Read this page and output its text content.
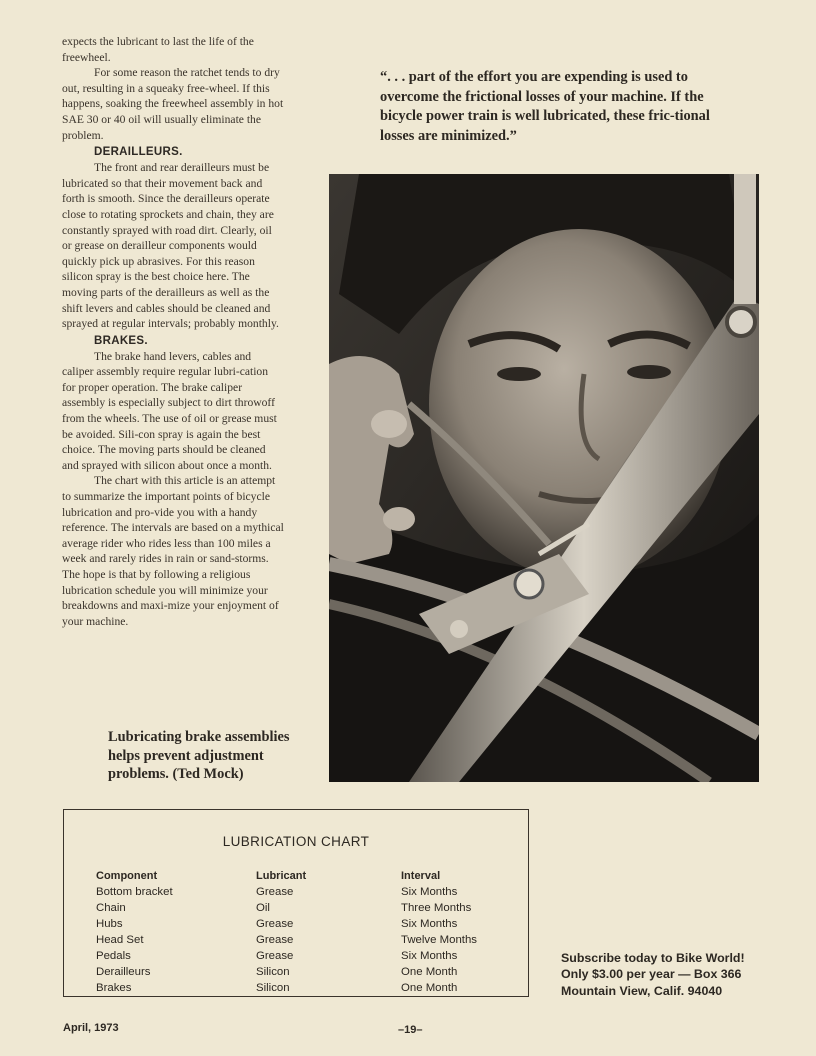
expects the lubricant to last the life of the freewheel.

For some reason the ratchet tends to dry out, resulting in a squeaky free-wheel. If this happens, soaking the freewheel assembly in hot SAE 30 or 40 oil will usually eliminate the problem.

DERAILLEURS.

The front and rear derailleurs must be lubricated so that their movement back and forth is smooth. Since the derailleurs operate close to rotating sprockets and chain, they are constantly sprayed with road dirt. Clearly, oil or grease on derailleur components would quickly pick up abrasives. For this reason silicon spray is the best choice here. The moving parts of the derailleurs as well as the shift levers and cables should be cleaned and sprayed at regular intervals; probably monthly.

BRAKES.

The brake hand levers, cables and caliper assembly require regular lubri-cation for proper operation. The brake caliper assembly is especially subject to dirt throwoff from the wheels. The use of oil or grease must be avoided. Sili-con spray is again the best choice. The moving parts should be cleaned and sprayed with silicon about once a month.

The chart with this article is an attempt to summarize the important points of bicycle lubrication and pro-vide you with a handy reference. The intervals are based on a mythical average rider who rides less than 100 miles a week and rarely rides in rain or sand-storms. The hope is that by following a religious lubrication schedule you will minimize your breakdowns and maxi-mize your enjoyment of your machine.

“. . . part of the effort you are expending is used to overcome the frictional losses of your machine. If the bicycle power train is well lubricated, these fric-tional losses are minimized.”

Lubricating brake assemblies helps prevent adjustment problems. (Ted Mock)

LUBRICATION CHART
Component	Lubricant	Interval
Bottom bracket	Grease	Six Months
Chain	Oil	Three Months
Hubs	Grease	Six Months
Head Set	Grease	Twelve Months
Pedals	Grease	Six Months
Derailleurs	Silicon	One Month
Brakes	Silicon	One Month

Subscribe today to Bike World!
Only $3.00 per year — Box 366
Mountain View, Calif. 94040

April, 1973	–19–
